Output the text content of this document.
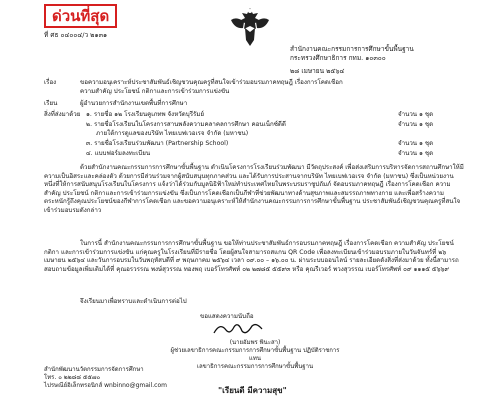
ด่วนที่สุด
ที่ ศธ ๐๔๐๐๔/ว ๒๑๓๑
สำนักงานคณะกรรมการการศึกษาขั้นพื้นฐาน
กระทรวงศึกษาธิการ กทม. ๑๐๓๐๐
๒๘ เมษายน ๒๕๖๔
เรื่อง	ขอความอนุเคราะห์ประชาสัมพันธ์เชิญชวนคุณครูที่สนใจเข้าร่วมอบรมภาคทฤษฎี เรื่องการโคดเชือก
ความสำคัญ ประโยชน์ กติกาและการเข้าร่วมการแข่งขัน
เรียน	ผู้อำนวยการสำนักงานเขตพื้นที่การศึกษา
สิ่งที่ส่งมาด้วย ๑. รายชื่อ ๑๒ โรงเรียนคูเภทพ จังหวัดบุรีรัมย์	จำนวน ๑ ชุด
๒. รายชื่อโรงเรียนในโครงการสานพลังความคลาคลการศึกษา คอนเน็กซ์ดีดี	จำนวน ๑ ชุด
ภายใต้การดูแลของบริษัท ไทยเบฟเวอเรจ จำกัด (มหาชน)
๓. รายชื่อโรงเรียนร่วมพัฒนา (Partnership School)	จำนวน ๑ ชุด
๔. แบบฟอร์มลงทะเบียน	จำนวน ๑ ชุด
ด้วยสำนักงานคณะกรรมการการศึกษาขั้นพื้นฐาน ดำเนินโครงการโรงเรียนร่วมพัฒนา มีวัตถุประสงค์ เพื่อส่งเสริมการบริหารจัดการสถานศึกษาให้มีความเป็นอิสระและคล่องตัว ด้วยการมีส่วนร่วมจากผู้สนับสนุนทุกภาคส่วน และได้รับการประสานจากบริษัท ไทยเบฟเวอเรจ จำกัด (มหาชน) ซึ่งเป็นหน่วยงานหนึ่งที่ให้การสนับสนุนโรงเรียนในโครงการ แจ้งว่าได้ร่วมกับมูลนิธิฟ้าใหม่ทำประเทศไทยในพระบรมราชูปถัมภ์ จัดอบรมภาคทฤษฎี เรื่องการโคดเชือก ความสำคัญ ประโยชน์ กติกาและการเข้าร่วมการแข่งขัน ซึ่งเป็นการโคดเชือกเป็นกีฬาที่ช่วยพัฒนาทางด้านสุขภาพและสมรรถภาพทางกาย และเพื่อสร้างความตระหนักรู้ถึงคุณประโยชน์ของกีฬาการโคดเชือก และขอความอนุเคราะห์ให้สำนักงานคณะกรรมการการศึกษาขั้นพื้นฐาน ประชาสัมพันธ์เชิญชวนคุณครูที่สนใจเข้าร่วมอบรมดังกล่าว
ในการนี้ สำนักงานคณะกรรมการการศึกษาขั้นพื้นฐาน ขอให้ท่านประชาสัมพันธ์การอบรมภาคทฤษฎี เรื่องการโคดเชือก ความสำคัญ ประโยชน์ กติกา และการเข้าร่วมการแข่งขัน แก่คุณครูในโรงเรียนที่มีรายชื่อ โดยผู้สนใจสามารถสแกน QR Code เพื่อลงทะเบียนเข้าร่วมอบรมภายในวันจันทร์ที่ ๒๖ เมษายน ๒๕๖๔ และวันการอบรมในวันพฤหัสบดีที่ ๙ พฤษภาคม ๒๕๖๔ เวลา ๐๙.๐๐ – ๑๖.๐๐ น. ผ่านระบบออนไลน์ รายละเอียดดังสิ่งที่ส่งมาด้วย ทั้งนี้สามารถสอบถามข้อมูลเพิ่มเติมได้ที่ คุณอรวรรณ พงษ์สุวรรณ ทองพฤ เบอร์โทรศัพท์ ๐๒ ๒๗๘๕ ๕๕๙๓ หรือ คุณรีเวอร์ พวงสุวรรณ เบอร์โทรศัพท์ ๐๙ ๑๑๑๕ ๕๖๖๙
จึงเรียนมาเพื่อทราบและดำเนินการต่อไป
ขอแสดงความนับถือ
(นายอัมพร พินะสา)
ผู้ช่วยเลขาธิการคณะกรรมการการศึกษาขั้นพื้นฐาน ปฏิบัติราชการแทน
เลขาธิการคณะกรรมการการศึกษาขั้นพื้นฐาน
สำนักพัฒนานวัตกรรมการจัดการศึกษา
โทร. ๐ ๒๒๘๘ ๕๕๗๐
ไปรษณีย์อิเล็กทรอนิกส์ wnbinno@gmail.com
"เรียนดี มีความสุข"
